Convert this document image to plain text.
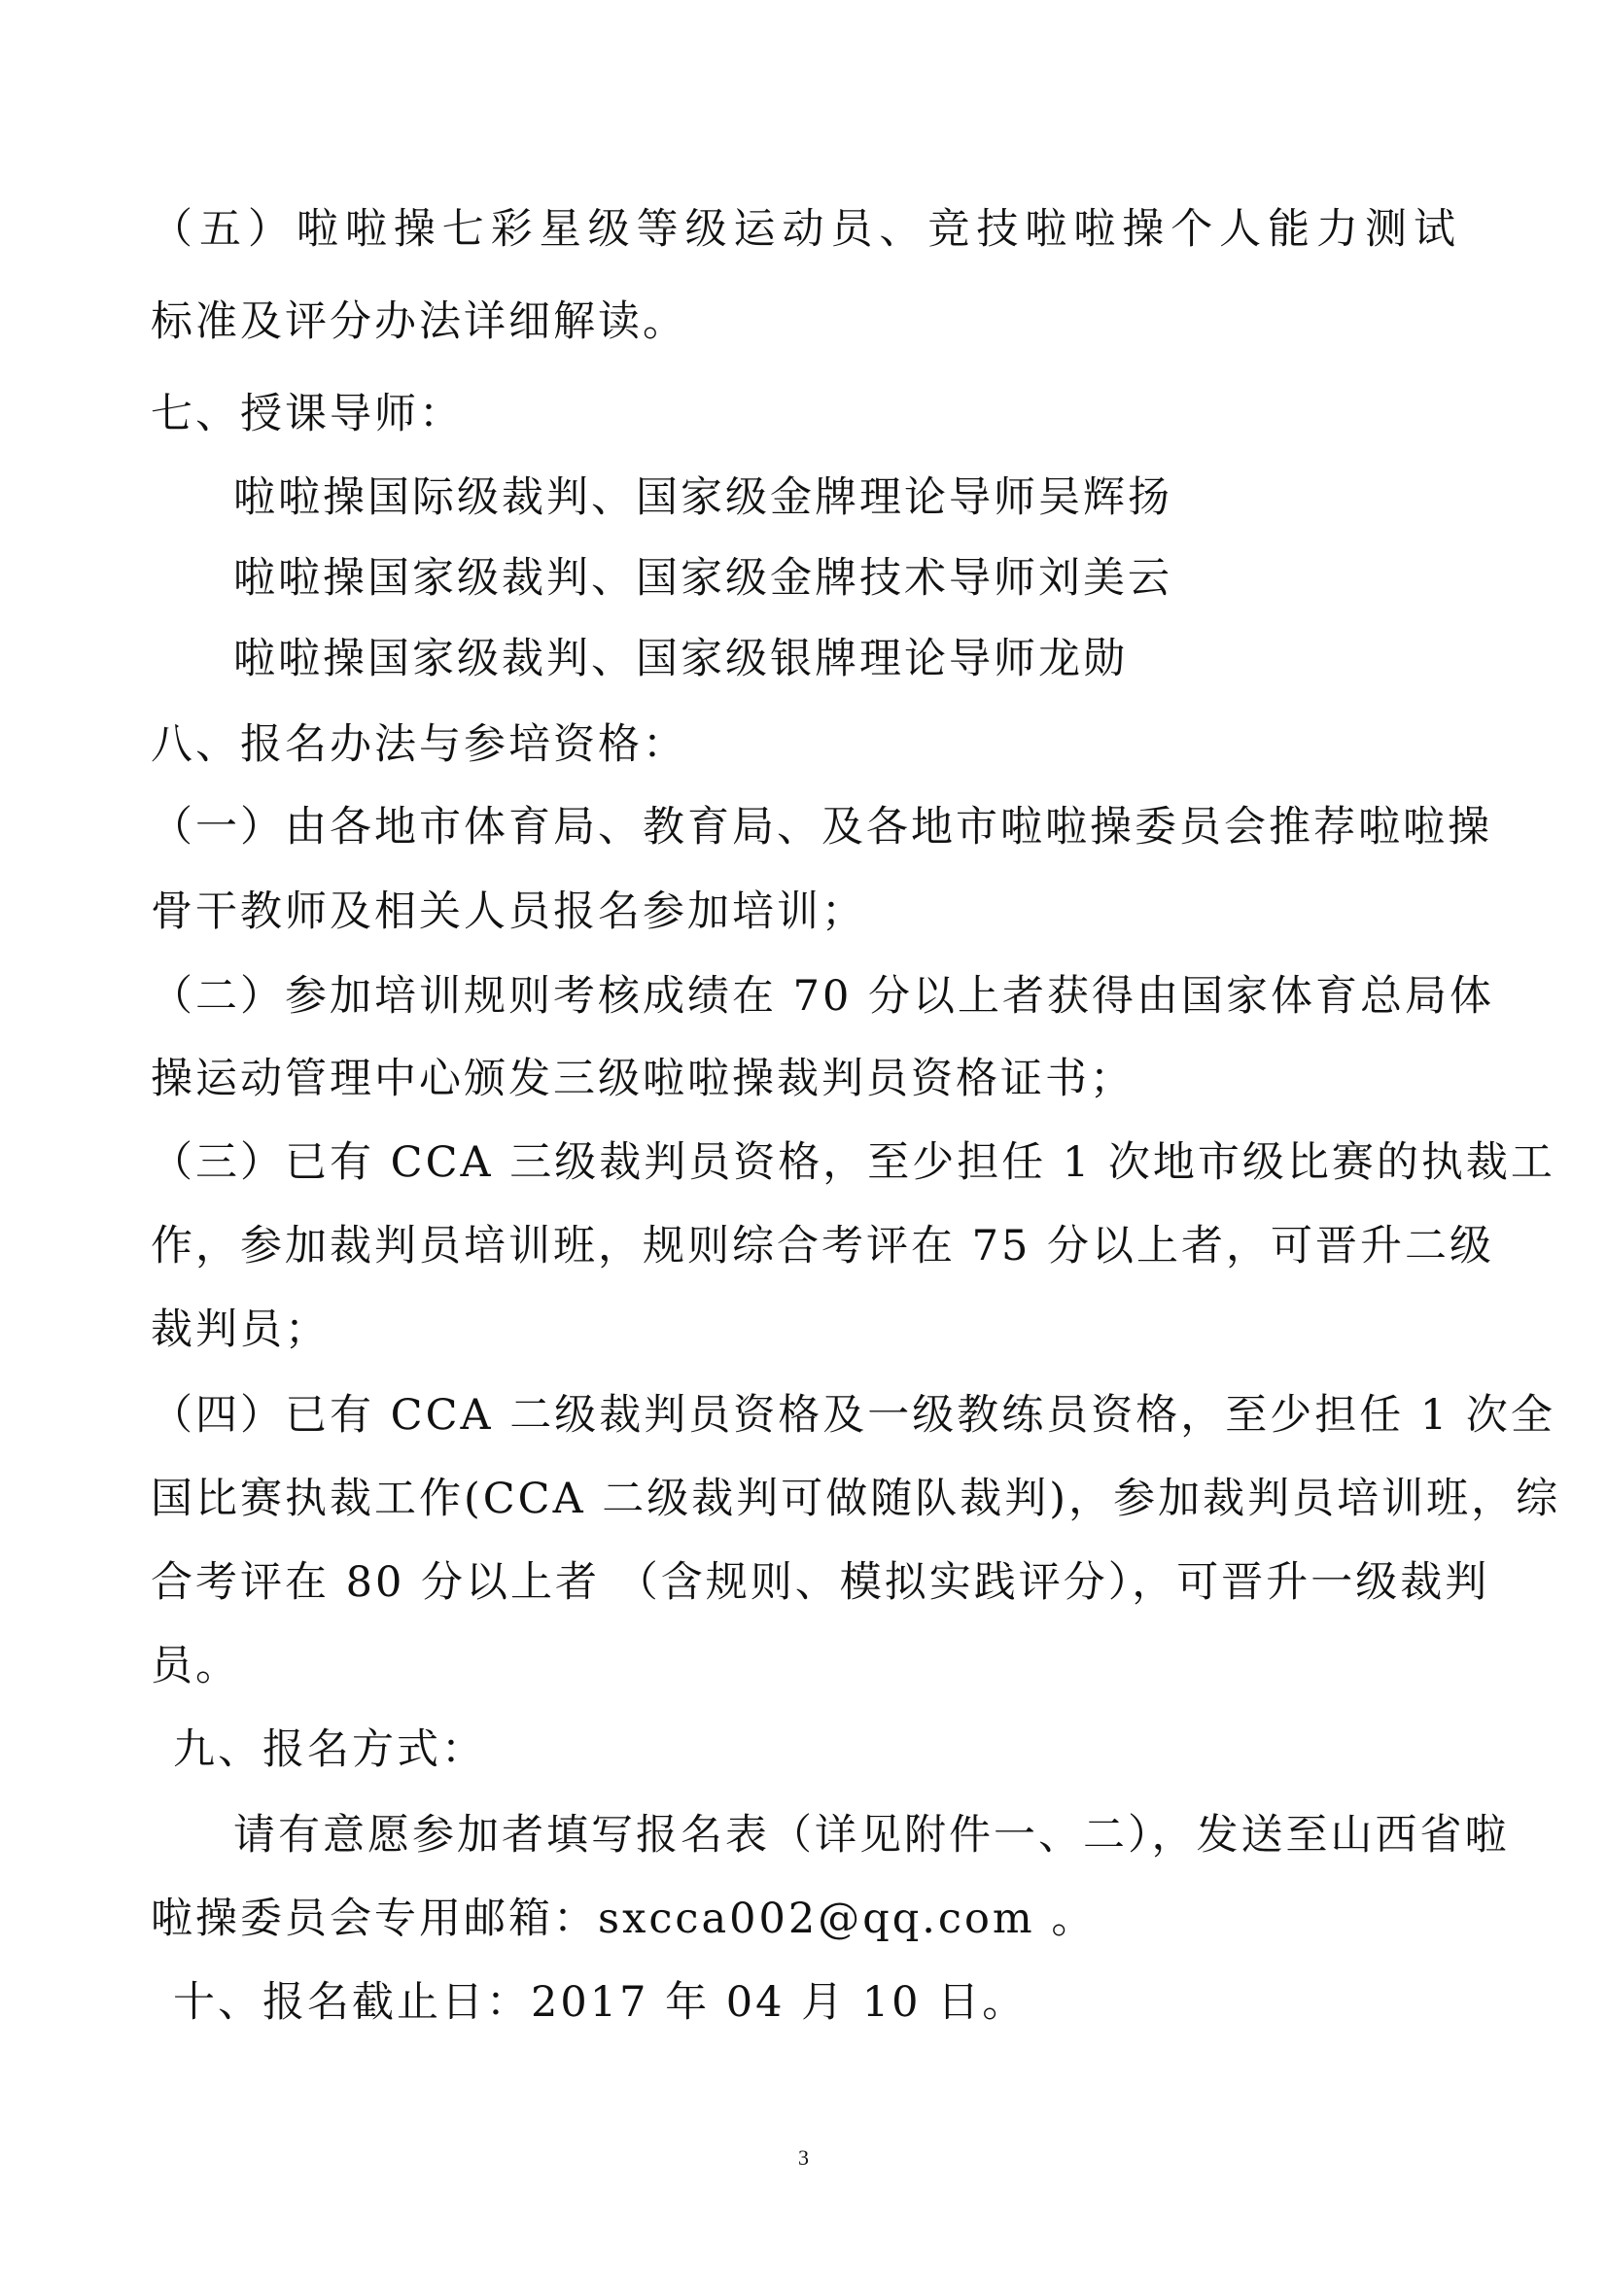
（五）啦啦操七彩星级等级运动员、竞技啦啦操个人能力测试
标准及评分办法详细解读。
七、授课导师：
啦啦操国际级裁判、国家级金牌理论导师吴辉扬
啦啦操国家级裁判、国家级金牌技术导师刘美云
啦啦操国家级裁判、国家级银牌理论导师龙勋
八、报名办法与参培资格：
（一）由各地市体育局、教育局、及各地市啦啦操委员会推荐啦啦操
骨干教师及相关人员报名参加培训；
（二）参加培训规则考核成绩在 70 分以上者获得由国家体育总局体
操运动管理中心颁发三级啦啦操裁判员资格证书；
（三）已有 CCA 三级裁判员资格，至少担任 1 次地市级比赛的执裁工
作，参加裁判员培训班，规则综合考评在 75 分以上者，可晋升二级
裁判员；
（四）已有 CCA 二级裁判员资格及一级教练员资格，至少担任 1 次全
国比赛执裁工作(CCA 二级裁判可做随队裁判)，参加裁判员培训班，综
合考评在 80 分以上者 （含规则、模拟实践评分），可晋升一级裁判
员。
九、报名方式：
请有意愿参加者填写报名表（详见附件一、二），发送至山西省啦
啦操委员会专用邮箱：sxcca002@qq.com 。
十、报名截止日：2017 年 04 月 10 日。
3
